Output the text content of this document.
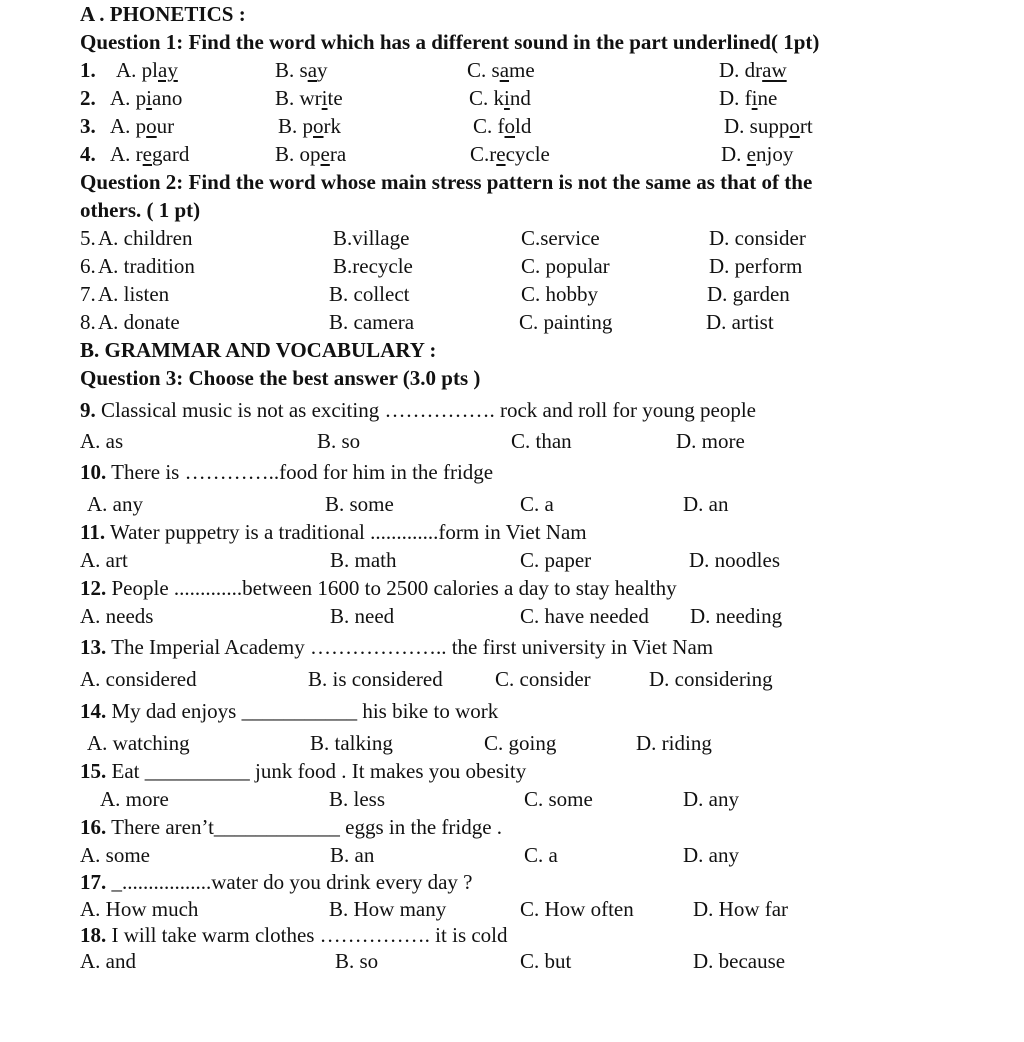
A . PHONETICS :
Question 1: Find the word which has a different sound in the part underlined( 1pt)
1. A. play	B. say	C. same	D. draw
2. A. piano	B. write	C. kind	D. fine
3. A. pour	B. pork	C. fold	D. support
4. A. regard	B. opera	C.recycle	D. enjoy
Question 2: Find the word whose main stress pattern is not the same as that of the
others. ( 1 pt)
5. A. children	B.village	C.service	D. consider
6. A. tradition	B.recycle	C. popular	D. perform
7. A. listen	B. collect	C. hobby	D. garden
8. A. donate	B. camera	C. painting	D. artist
B. GRAMMAR AND VOCABULARY :
Question 3: Choose the best answer (3.0 pts )
9. Classical music is not as exciting ……………. rock and roll for young people
A. as	B. so	C. than	D. more
10. There is …………..food for him in the fridge
A. any	B. some	C. a	D. an
11. Water puppetry is a traditional .............form in Viet Nam
A. art	B. math	C. paper	D. noodles
12. People .............between 1600 to 2500 calories a day to stay healthy
A. needs	B. need	C. have needed D. needing
13. The Imperial Academy ……………….. the first university in Viet Nam
A. considered	B. is considered C. consider	D. considering
14. My dad enjoys ___________ his bike to work
A. watching	B. talking	C. going	D. riding
15. Eat __________ junk food . It makes you obesity
A. more	B. less	C. some	D. any
16. There aren’t____________ eggs in the fridge .
A. some	B. an	C. a	D. any
17. _.................water do you drink every day ?
A. How much	B. How many	C. How often	D. How far
18. I will take warm clothes ……………. it is cold
A. and	B. so	C. but	D. because
